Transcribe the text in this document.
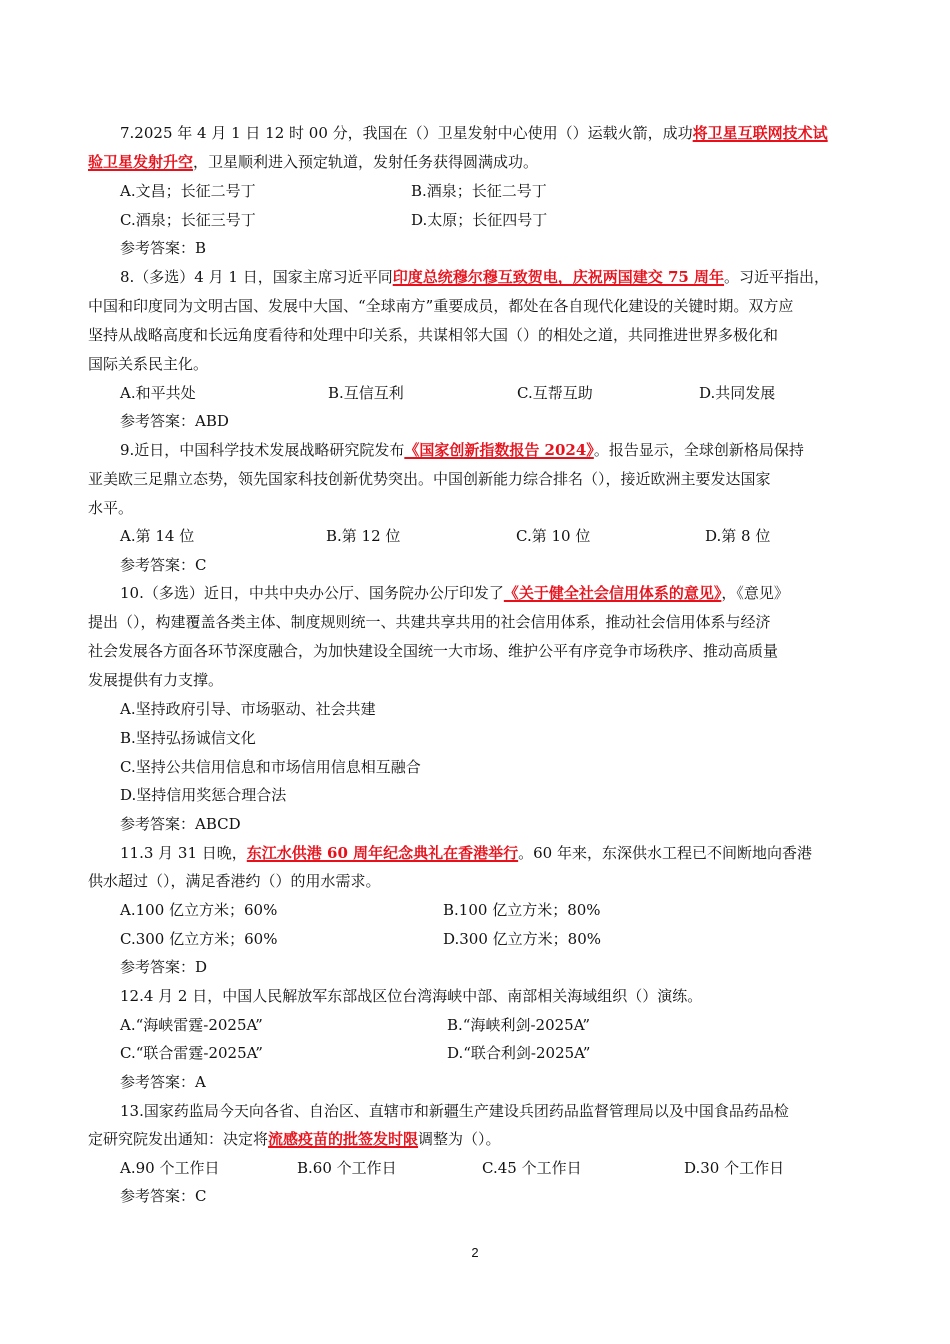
7.2025 年 4 月 1 日 12 时 00 分，我国在（）卫星发射中心使用（）运载火箭，成功将卫星互联网技术试
验卫星发射升空，卫星顺利进入预定轨道，发射任务获得圆满成功。
A.文昌；长征二号丁	B.酒泉；长征二号丁
C.酒泉；长征三号丁	D.太原；长征四号丁
参考答案：B
8.（多选）4 月 1 日，国家主席习近平同印度总统穆尔穆互致贺电，庆祝两国建交 75 周年。习近平指出，
中国和印度同为文明古国、发展中大国、“全球南方”重要成员，都处在各自现代化建设的关键时期。双方应
坚持从战略高度和长远角度看待和处理中印关系，共谋相邻大国（）的相处之道，共同推进世界多极化和
国际关系民主化。
A.和平共处	B.互信互利	C.互帮互助	D.共同发展
参考答案：ABD
9.近日，中国科学技术发展战略研究院发布《国家创新指数报告 2024》。报告显示，全球创新格局保持
亚美欧三足鼎立态势，领先国家科技创新优势突出。中国创新能力综合排名（），接近欧洲主要发达国家
水平。
A.第 14 位	B.第 12 位	C.第 10 位	D.第 8 位
参考答案：C
10.（多选）近日，中共中央办公厅、国务院办公厅印发了《关于健全社会信用体系的意见》，《意见》
提出（），构建覆盖各类主体、制度规则统一、共建共享共用的社会信用体系，推动社会信用体系与经济
社会发展各方面各环节深度融合，为加快建设全国统一大市场、维护公平有序竞争市场秩序、推动高质量
发展提供有力支撑。
A.坚持政府引导、市场驱动、社会共建
B.坚持弘扬诚信文化
C.坚持公共信用信息和市场信用信息相互融合
D.坚持信用奖惩合理合法
参考答案：ABCD
11.3 月 31 日晚，东江水供港 60 周年纪念典礼在香港举行。60 年来，东深供水工程已不间断地向香港
供水超过（），满足香港约（）的用水需求。
A.100 亿立方米；60%	B.100 亿立方米；80%
C.300 亿立方米；60%	D.300 亿立方米；80%
参考答案：D
12.4 月 2 日，中国人民解放军东部战区位台湾海峡中部、南部相关海域组织（）演练。
A.“海峡雷霆-2025A”	B.“海峡利剑-2025A”
C.“联合雷霆-2025A”	D.“联合利剑-2025A”
参考答案：A
13.国家药监局今天向各省、自治区、直辖市和新疆生产建设兵团药品监督管理局以及中国食品药品检
定研究院发出通知：决定将流感疫苗的批签发时限调整为（）。
A.90 个工作日	B.60 个工作日	C.45 个工作日	D.30 个工作日
参考答案：C
2
